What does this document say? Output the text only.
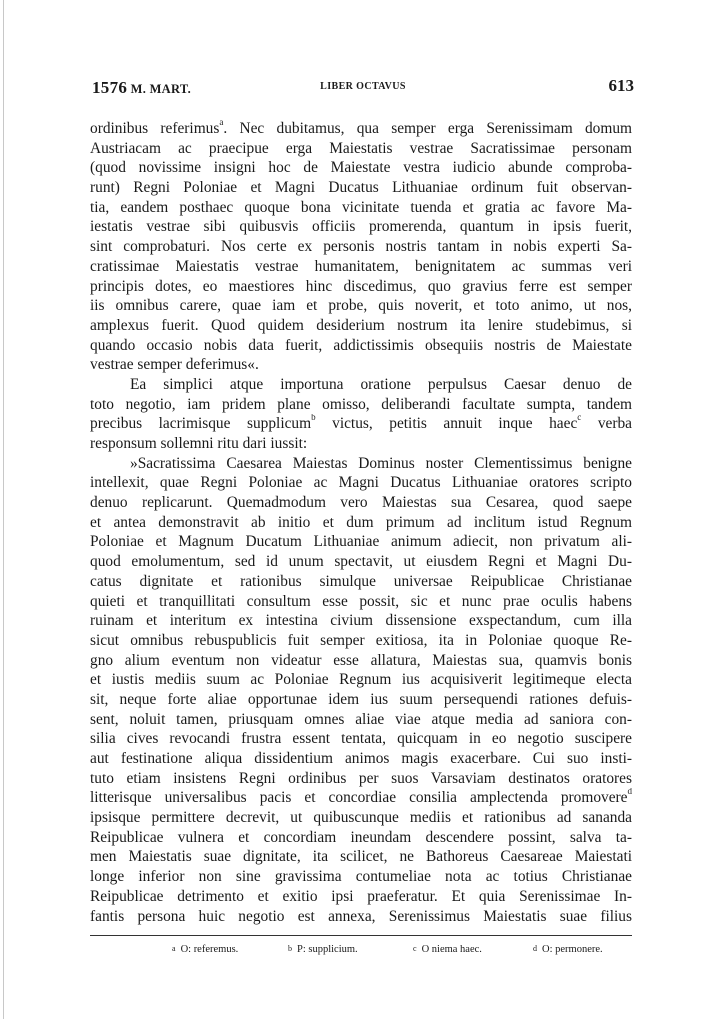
1576 M. MART.	LIBER OCTAVUS	613
ordinibus referimus$^a$. Nec dubitamus, qua semper erga Serenissimam domum
Austriacam ac praecipue erga Maiestatis vestrae Sacratissimae personam
(quod novissime insigni hoc de Maiestate vestra iudicio abunde comproba-
runt) Regni Poloniae et Magni Ducatus Lithuaniae ordinum fuit observan-
tia, eandem posthaec quoque bona vicinitate tuenda et gratia ac favore Ma-
iestatis vestrae sibi quibusvis officiis promerenda, quantum in ipsis fuerit,
sint comprobaturi. Nos certe ex personis nostris tantam in nobis experti Sa-
cratissimae Maiestatis vestrae humanitatem, benignitatem ac summas veri
principis dotes, eo maestiores hinc discedimus, quo gravius ferre est semper
iis omnibus carere, quae iam et probe, quis noverit, et toto animo, ut nos,
amplexus fuerit. Quod quidem desiderium nostrum ita lenire studebimus, si
quando occasio nobis data fuerit, addictissimis obsequiis nostris de Maiestate
vestrae semper deferimus«.
Ea simplici atque importuna oratione perpulsus Caesar denuo de
toto negotio, iam pridem plane omisso, deliberandi facultate sumpta, tandem
precibus lacrimisque supplicum$^b$ victus, petitis annuit inque haec$^c$ verba
responsum sollemni ritu dari iussit:
»Sacratissima Caesarea Maiestas Dominus noster Clementissimus benigne
intellexit, quae Regni Poloniae ac Magni Ducatus Lithuaniae oratores scripto
denuo replicarunt. Quemadmodum vero Maiestas sua Cesarea, quod saepe
et antea demonstravit ab initio et dum primum ad inclitum istud Regnum
Poloniae et Magnum Ducatum Lithuaniae animum adiecit, non privatum ali-
quod emolumentum, sed id unum spectavit, ut eiusdem Regni et Magni Du-
catus dignitate et rationibus simulque universae Reipublicae Christianae
quieti et tranquillitati consultum esse possit, sic et nunc prae oculis habens
ruinam et interitum ex intestina civium dissensione exspectandum, cum illa
sicut omnibus rebuspublicis fuit semper exitiosa, ita in Poloniae quoque Re-
gno alium eventum non videatur esse allatura, Maiestas sua, quamvis bonis
et iustis mediis suum ac Poloniae Regnum ius acquisiverit legitimeque electa
sit, neque forte aliae opportunae idem ius suum persequendi rationes defuis-
sent, noluit tamen, priusquam omnes aliae viae atque media ad saniora con-
silia cives revocandi frustra essent tentata, quicquam in eo negotio suscipere
aut festinatione aliqua dissidentium animos magis exacerbare. Cui suo insti-
tuto etiam insistens Regni ordinibus per suos Varsaviam destinatos oratores
litterisque universalibus pacis et concordiae consilia amplectenda promovere$^d$
ipsisque permittere decrevit, ut quibuscunque mediis et rationibus ad sananda
Reipublicae vulnera et concordiam ineundam descendere possint, salva ta-
men Maiestatis suae dignitate, ita scilicet, ne Bathoreus Caesareae Maiestati
longe inferior non sine gravissima contumeliae nota ac totius Christianae
Reipublicae detrimento et exitio ipsi praeferatur. Et quia Serenissimae In-
fantis persona huic negotio est annexa, Serenissimus Maiestatis suae filius
$^a$ O: referemus.	$^b$ P: supplicium.	$^c$ O niema haec.	$^d$ O: permonere.
